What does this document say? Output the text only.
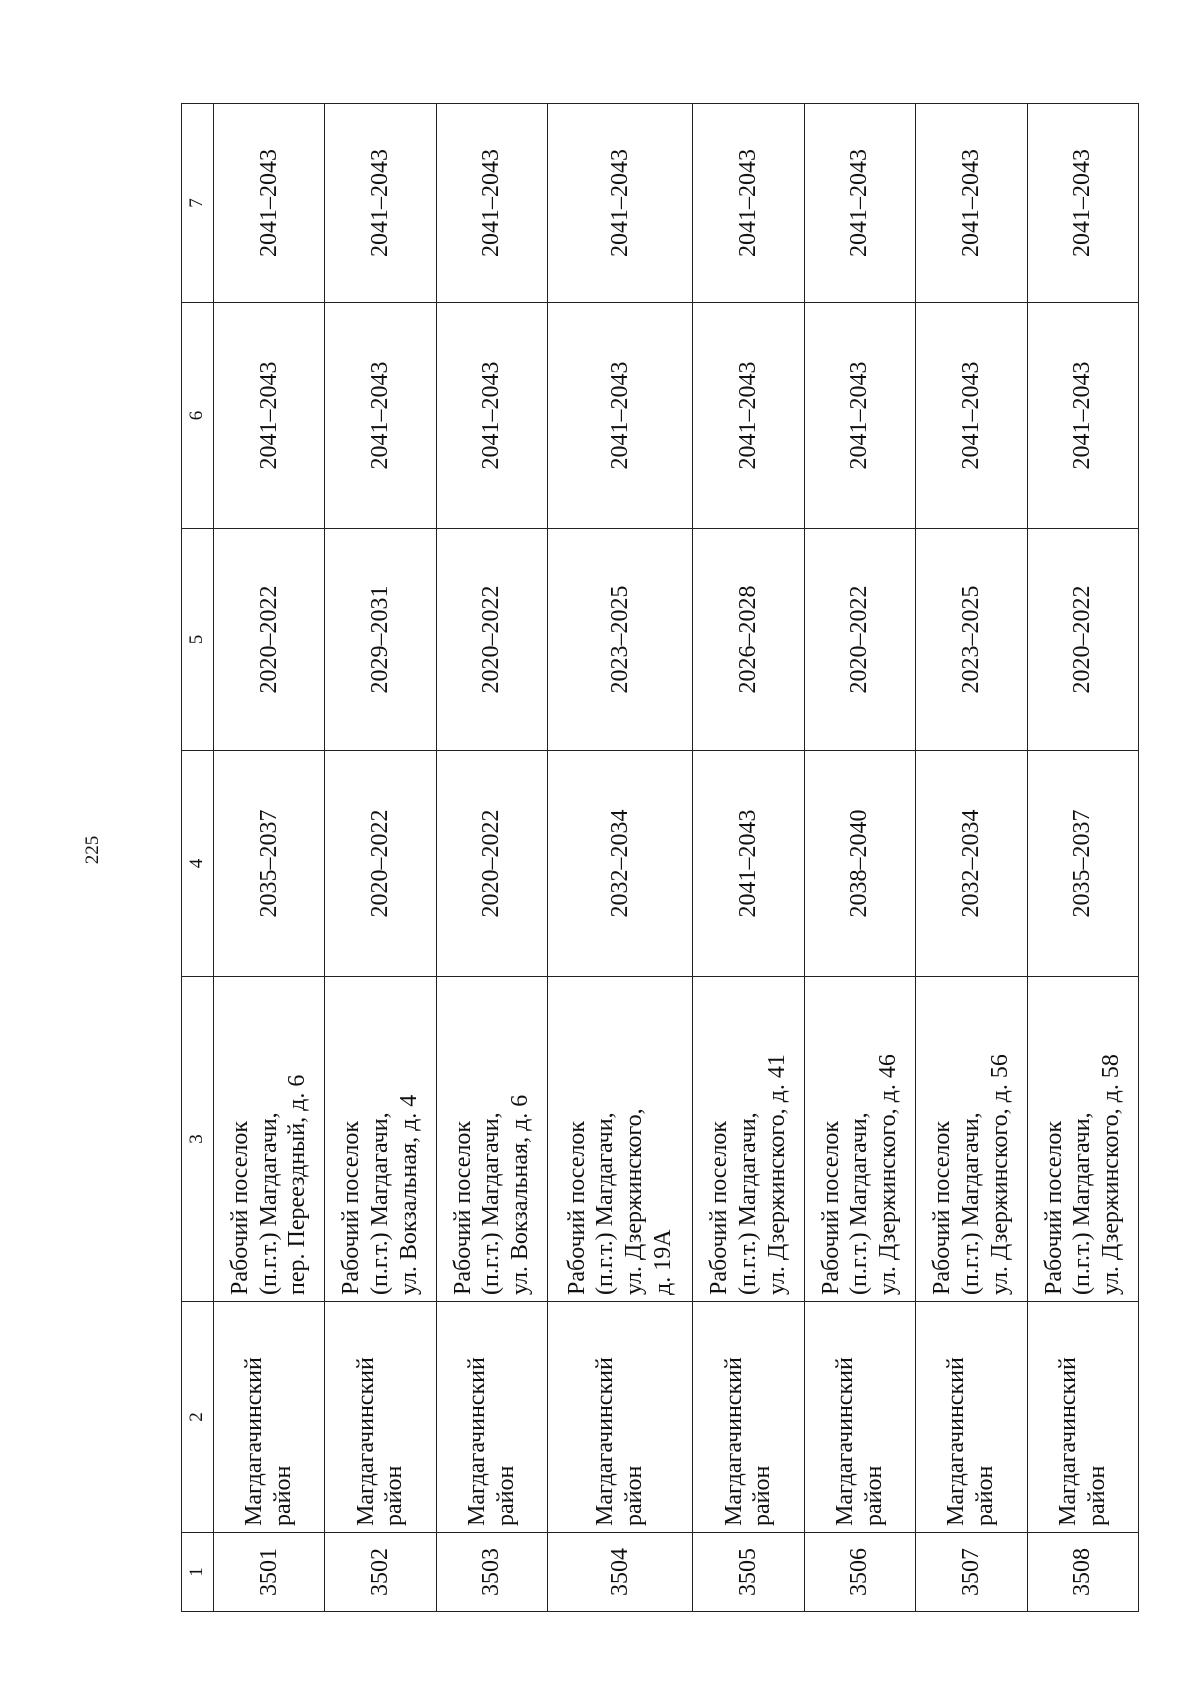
225
1	2	3	4	5	6	7
3501	Магдагачинский район	Рабочий поселок (п.г.т.) Магдагачи, пер. Переездный, д. 6	2035–2037	2020–2022	2041–2043	2041–2043
3502	Магдагачинский район	Рабочий поселок (п.г.т.) Магдагачи, ул. Вокзальная, д. 4	2020–2022	2029–2031	2041–2043	2041–2043
3503	Магдагачинский район	Рабочий поселок (п.г.т.) Магдагачи, ул. Вокзальная, д. 6	2020–2022	2020–2022	2041–2043	2041–2043
3504	Магдагачинский район	Рабочий поселок (п.г.т.) Магдагачи, ул. Дзержинского, д. 19А	2032–2034	2023–2025	2041–2043	2041–2043
3505	Магдагачинский район	Рабочий поселок (п.г.т.) Магдагачи, ул. Дзержинского, д. 41	2041–2043	2026–2028	2041–2043	2041–2043
3506	Магдагачинский район	Рабочий поселок (п.г.т.) Магдагачи, ул. Дзержинского, д. 46	2038–2040	2020–2022	2041–2043	2041–2043
3507	Магдагачинский район	Рабочий поселок (п.г.т.) Магдагачи, ул. Дзержинского, д. 56	2032–2034	2023–2025	2041–2043	2041–2043
3508	Магдагачинский район	Рабочий поселок (п.г.т.) Магдагачи, ул. Дзержинского, д. 58	2035–2037	2020–2022	2041–2043	2041–2043
